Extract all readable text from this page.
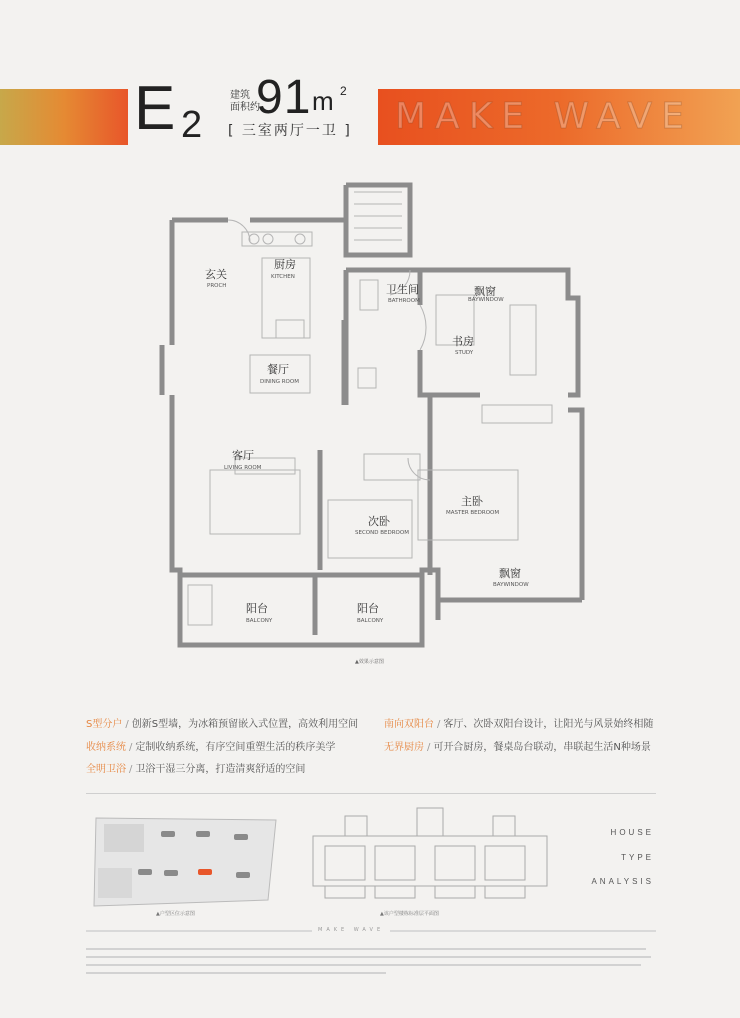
MAKE WAVE
E 2
建筑
面积约
91 m 2
[ 三室两厅一卫 ]
玄关
PROCH
厨房
KITCHEN
卫生间
BATHROOM
飘窗
BAYWINDOW
书房
STUDY
餐厅
DINING ROOM
客厅
LIVING ROOM
次卧
SECOND BEDROOM
主卧
MASTER BEDROOM
飘窗
BAYWINDOW
阳台
BALCONY
阳台
BALCONY
▲效果示意图
S型分户 / 创新S型墙，为冰箱预留嵌入式位置，高效利用空间	南向双阳台 / 客厅、次卧双阳台设计，让阳光与风景始终相随
收纳系统 / 定制收纳系统，有序空间重塑生活的秩序美学	无界厨房 / 可开合厨房，餐桌岛台联动，串联起生活N种场景
全明卫浴 / 卫浴干湿三分离，打造清爽舒适的空间
▲户型区位示意图	▲该户型楼栋标准层平面图
HOUSE
TYPE
ANALYSIS
MAKE WAVE
